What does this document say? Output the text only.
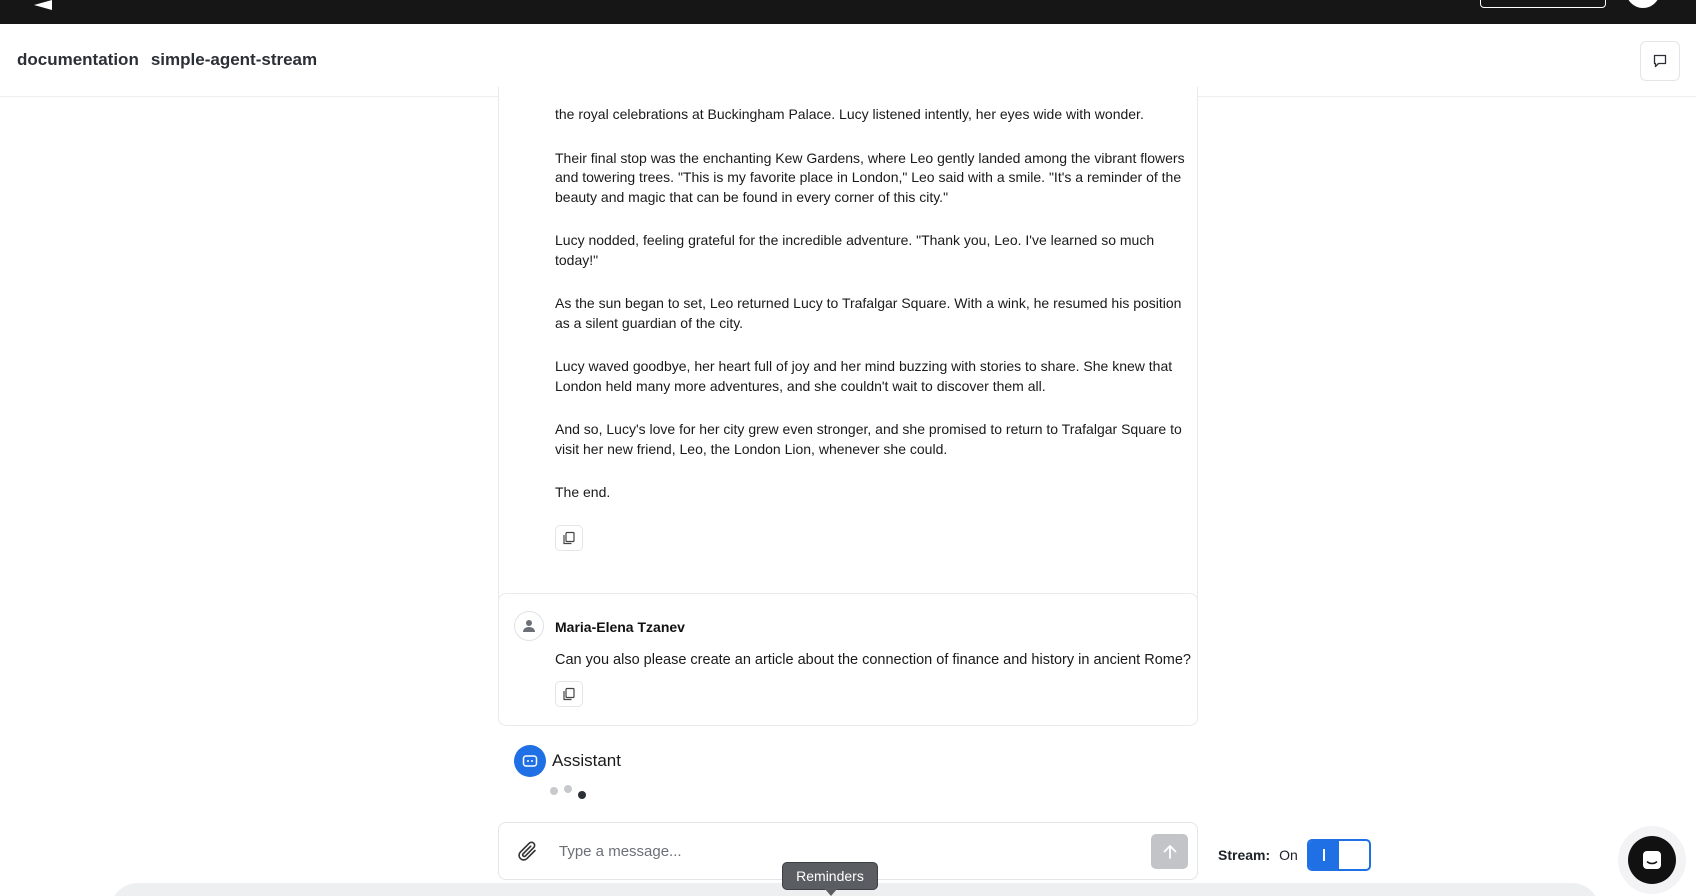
documentation simple-agent-stream

the royal celebrations at Buckingham Palace. Lucy listened intently, her eyes wide with wonder.

Their final stop was the enchanting Kew Gardens, where Leo gently landed among the vibrant flowers and towering trees. "This is my favorite place in London," Leo said with a smile. "It's a reminder of the beauty and magic that can be found in every corner of this city."

Lucy nodded, feeling grateful for the incredible adventure. "Thank you, Leo. I've learned so much today!"

As the sun began to set, Leo returned Lucy to Trafalgar Square. With a wink, he resumed his position as a silent guardian of the city.

Lucy waved goodbye, her heart full of joy and her mind buzzing with stories to share. She knew that London held many more adventures, and she couldn't wait to discover them all.

And so, Lucy's love for her city grew even stronger, and she promised to return to Trafalgar Square to visit her new friend, Leo, the London Lion, whenever she could.

The end.

Maria-Elena Tzanev
Can you also please create an article about the connection of finance and history in ancient Rome?
Assistant
Type a message...
Stream: On
Reminders
